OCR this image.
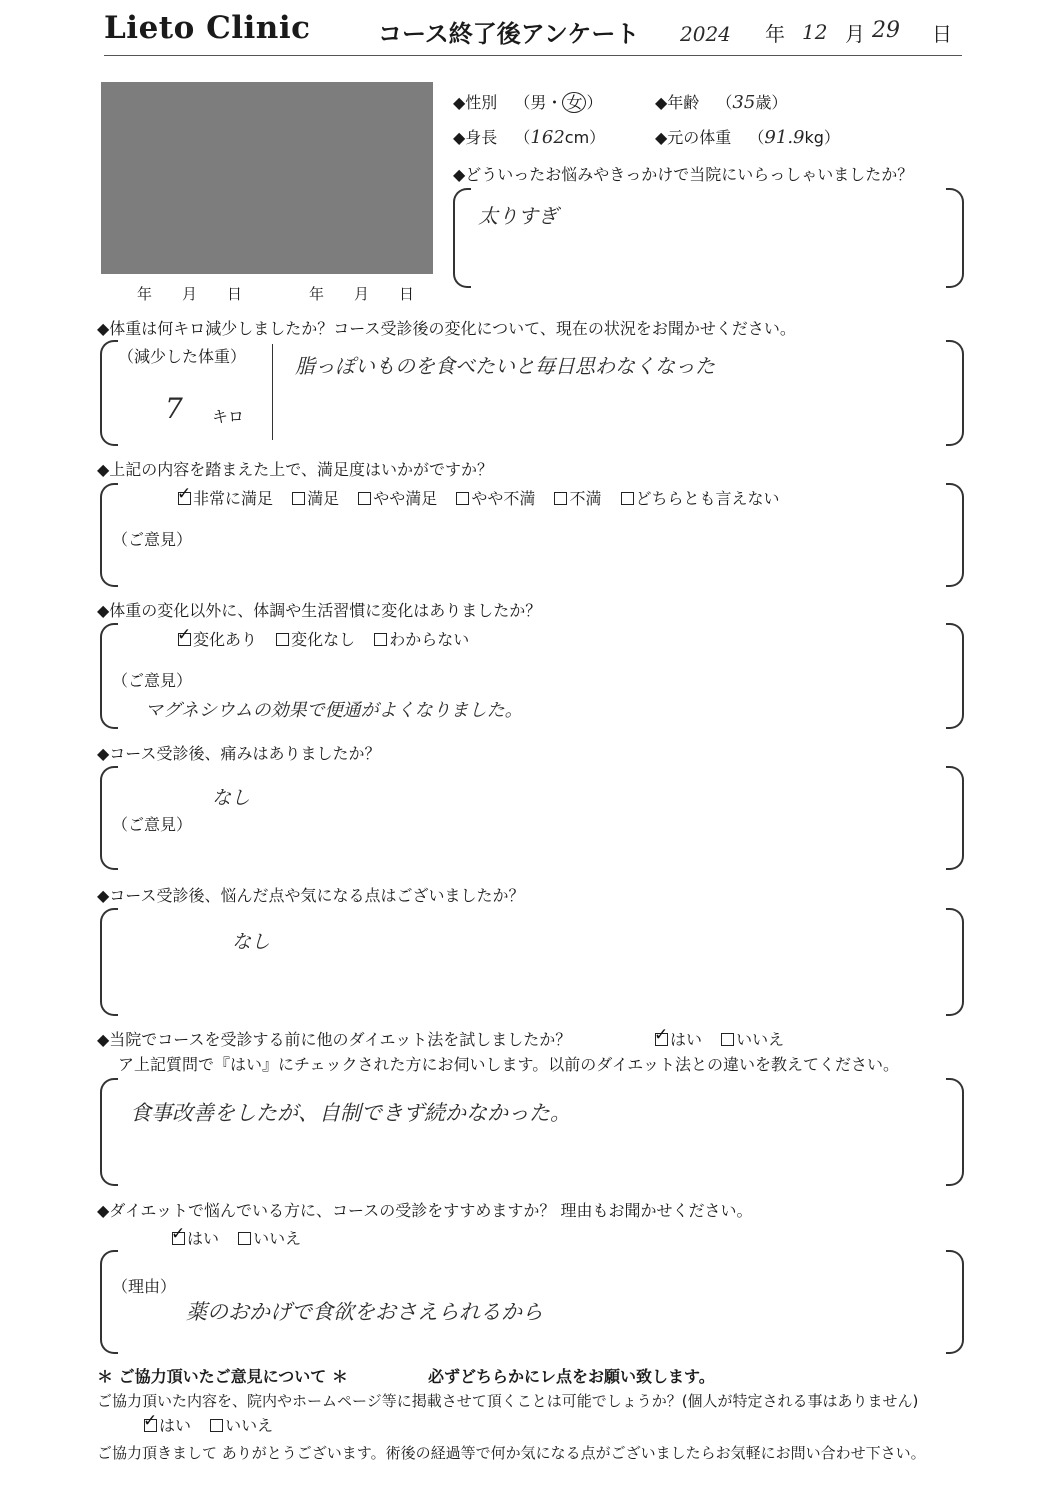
Lieto Clinic	コース終了後アンケート 2024 年 12 月 29 日
年 月 日	年 月 日
◆性別 （男・ 女 ）	◆年齢 （35歳）
◆身長 （162cm）	◆元の体重 （91.9kg）
◆どういったお悩みやきっかけで当院にいらっしゃいましたか？
太りすぎ
◆体重は何キロ減少しましたか？コース受診後の変化について、現在の状況をお聞かせください。
（減少した体重）
7 キロ
脂っぽいものを食べたいと毎日思わなくなった
◆上記の内容を踏まえた上で、満足度はいかがですか？
✓非常に満足 満足 やや満足 やや不満 不満 どちらとも言えない
（ご意見）
◆体重の変化以外に、体調や生活習慣に変化はありましたか？
✓変化あり 変化なし わからない
（ご意見）
マグネシウムの効果で便通がよくなりました。
◆コース受診後、痛みはありましたか？
なし
（ご意見）
◆コース受診後、悩んだ点や気になる点はございましたか？
なし
◆当院でコースを受診する前に他のダイエット法を試しましたか？
✓	はい いいえ
ア上記質問で『はい』にチェックされた方にお伺いします。以前のダイエット法との違いを教えてください。
食事改善をしたが、自制できず続かなかった。
◆ダイエットで悩んでいる方に、コースの受診をすすめますか？ 理由もお聞かせください。
✓はい いいえ
（理由）
薬のおかげで食欲をおさえられるから
＊ ご協力頂いたご意見について ＊	必ずどちらかにレ点をお願い致します。
ご協力頂いた内容を、院内やホームページ等に掲載させて頂くことは可能でしょうか？(個人が特定される事はありません)
✓はい いいえ
ご協力頂きまして ありがとうございます。術後の経過等で何か気になる点がございましたらお気軽にお問い合わせ下さい。
